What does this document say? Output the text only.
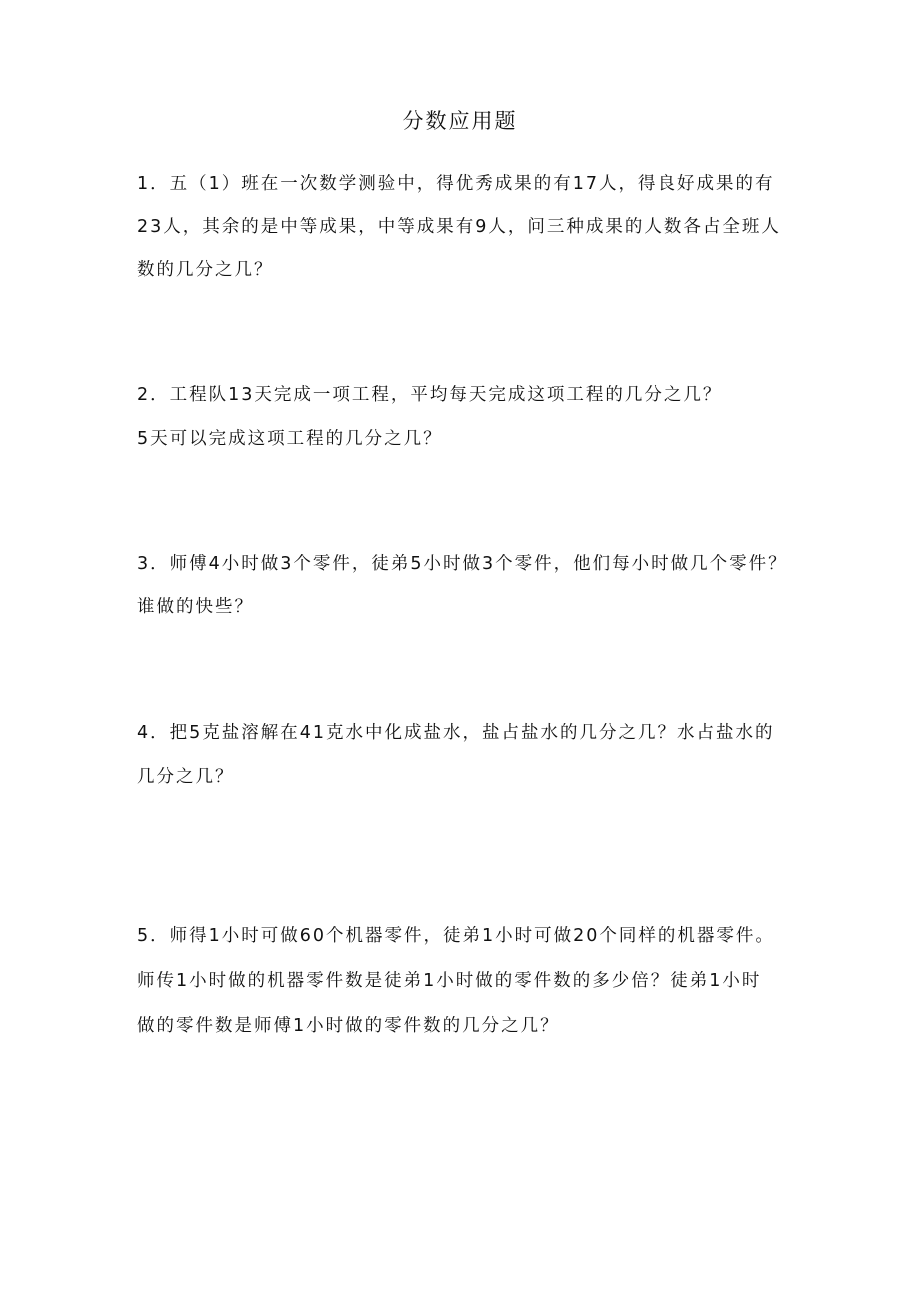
分数应用题
1．五（1）班在一次数学测验中，得优秀成果的有17人，得良好成果的有
23人，其余的是中等成果，中等成果有9人，问三种成果的人数各占全班人
数的几分之几？
2．工程队13天完成一项工程，平均每天完成这项工程的几分之几？
5天可以完成这项工程的几分之几？
3．师傅4小时做3个零件，徒弟5小时做3个零件，他们每小时做几个零件？
谁做的快些？
4．把5克盐溶解在41克水中化成盐水，盐占盐水的几分之几？水占盐水的
几分之几？
5．师得1小时可做60个机器零件，徒弟1小时可做20个同样的机器零件。
师传1小时做的机器零件数是徒弟1小时做的零件数的多少倍？徒弟1小时
做的零件数是师傅1小时做的零件数的几分之几？
